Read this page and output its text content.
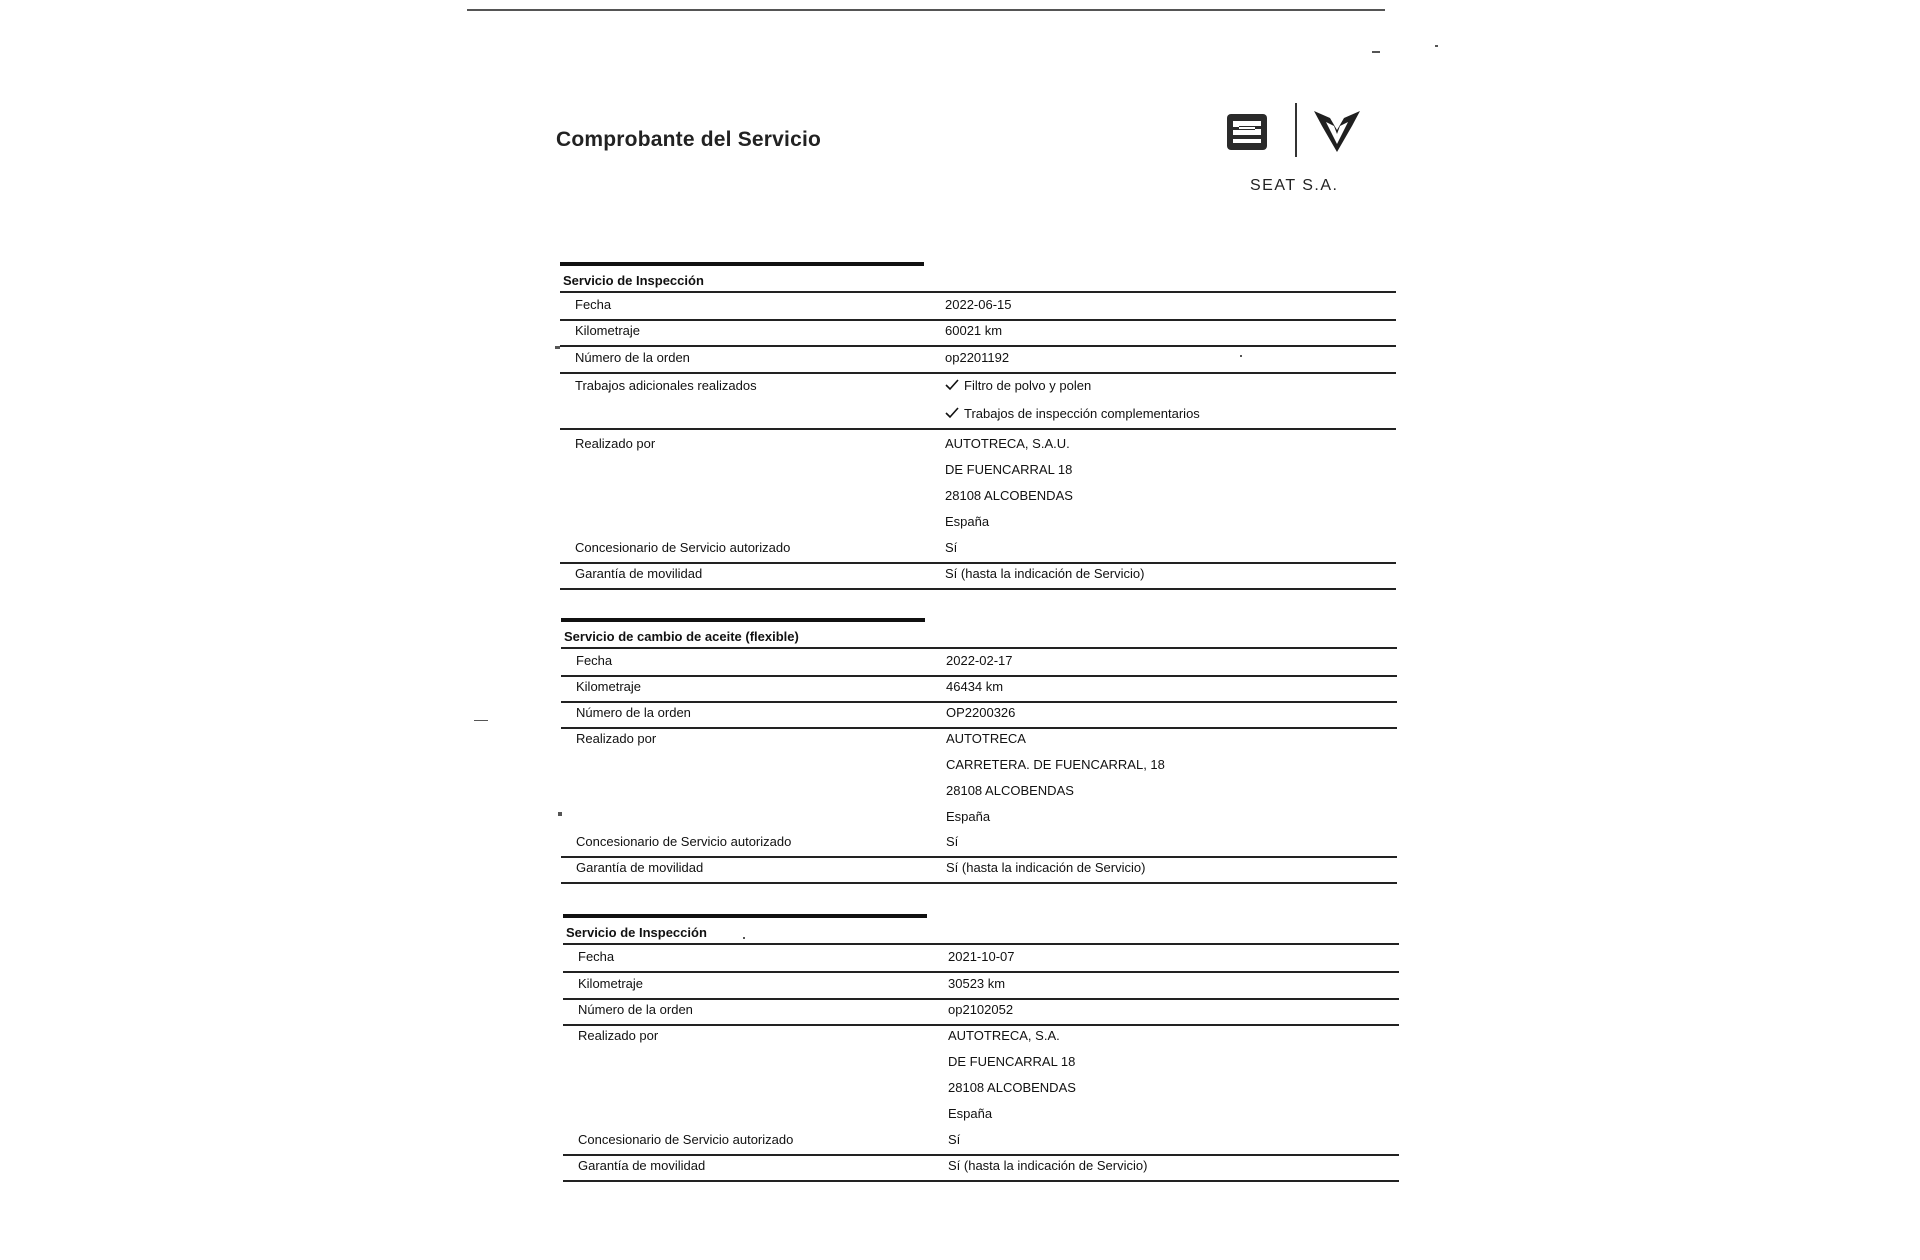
Comprobante del Servicio
SEAT S.A.
Servicio de Inspección
Fecha	2022-06-15
Kilometraje	60021 km
Número de la orden	op2201192
Trabajos adicionales realizados	Filtro de polvo y polen
Trabajos de inspección complementarios
Realizado por	AUTOTRECA, S.A.U.
DE FUENCARRAL 18
28108 ALCOBENDAS
España
Concesionario de Servicio autorizado	Sí
Garantía de movilidad	Sí (hasta la indicación de Servicio)
Servicio de cambio de aceite (flexible)
Fecha	2022-02-17
Kilometraje	46434 km
Número de la orden	OP2200326
Realizado por	AUTOTRECA
CARRETERA. DE FUENCARRAL, 18
28108 ALCOBENDAS
España
Concesionario de Servicio autorizado	Sí
Garantía de movilidad	Sí (hasta la indicación de Servicio)
Servicio de Inspección
Fecha	2021-10-07
Kilometraje	30523 km
Número de la orden	op2102052
Realizado por	AUTOTRECA, S.A.
DE FUENCARRAL 18
28108 ALCOBENDAS
España
Concesionario de Servicio autorizado	Sí
Garantía de movilidad	Sí (hasta la indicación de Servicio)
